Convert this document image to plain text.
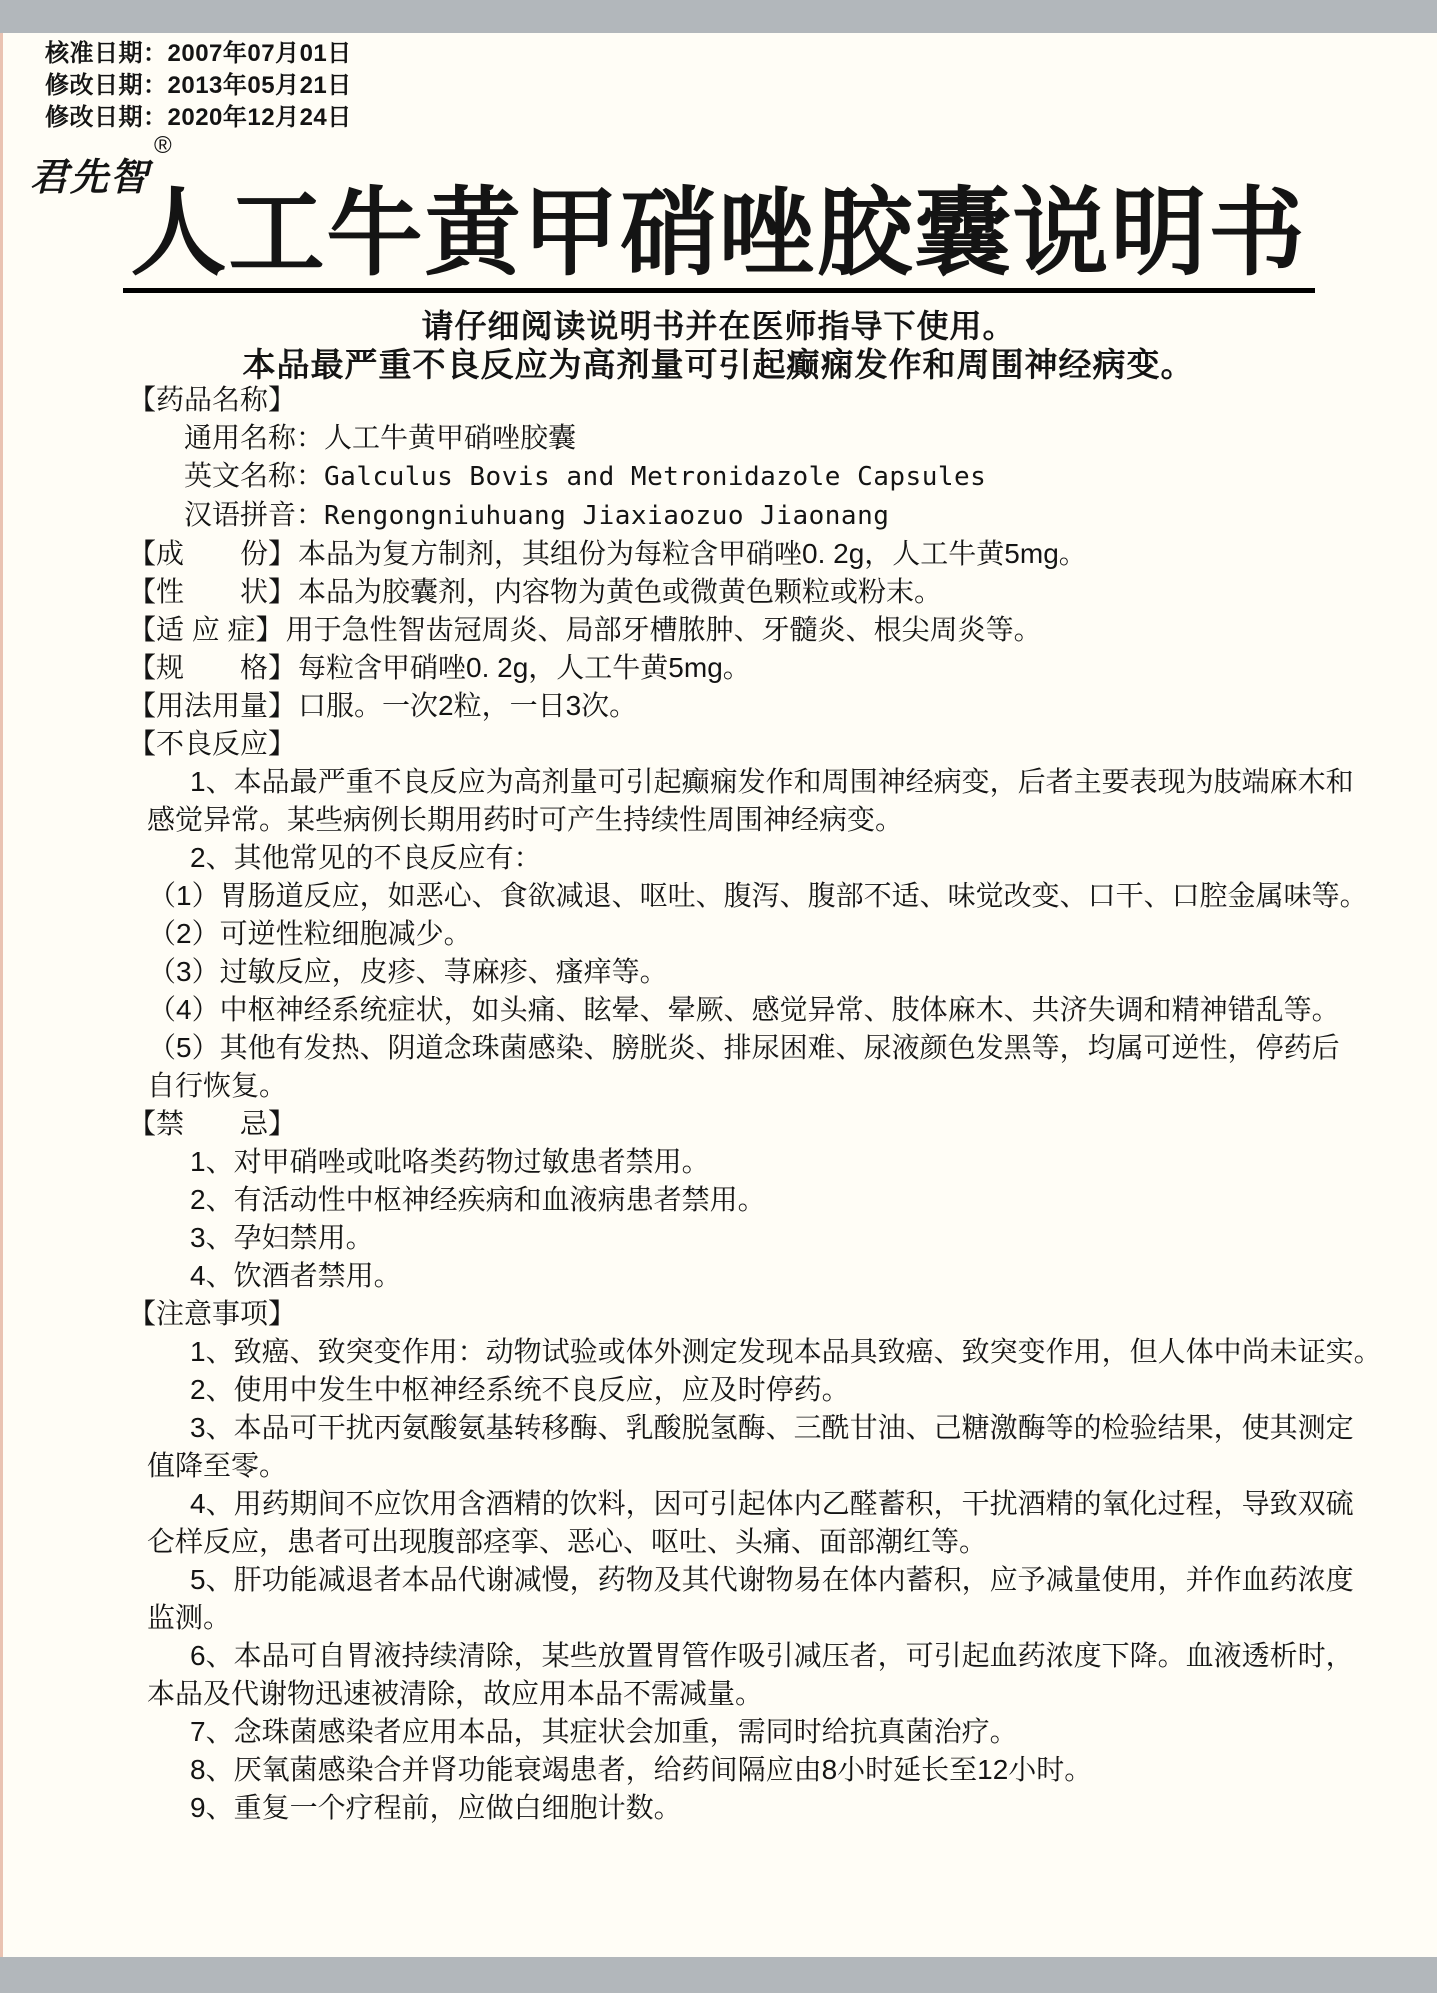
核准日期：2007年07月01日
修改日期：2013年05月21日
修改日期：2020年12月24日
君先智®
人工牛黄甲硝唑胶囊说明书
请仔细阅读说明书并在医师指导下使用。
本品最严重不良反应为高剂量可引起癫痫发作和周围神经病变。
【药品名称】
通用名称：人工牛黄甲硝唑胶囊
英文名称：Galculus Bovis and Metronidazole Capsules
汉语拼音：Rengongniuhuang Jiaxiaozuo Jiaonang
【成　　份】本品为复方制剂，其组份为每粒含甲硝唑0. 2g，人工牛黄5mg。
【性　　状】本品为胶囊剂，内容物为黄色或微黄色颗粒或粉末。
【适 应 症】用于急性智齿冠周炎、局部牙槽脓肿、牙髓炎、根尖周炎等。
【规　　格】每粒含甲硝唑0. 2g，人工牛黄5mg。
【用法用量】口服。一次2粒，一日3次。
【不良反应】
1、本品最严重不良反应为高剂量可引起癫痫发作和周围神经病变，后者主要表现为肢端麻木和
感觉异常。某些病例长期用药时可产生持续性周围神经病变。
2、其他常见的不良反应有：
（1）胃肠道反应，如恶心、食欲减退、呕吐、腹泻、腹部不适、味觉改变、口干、口腔金属味等。
（2）可逆性粒细胞减少。
（3）过敏反应，皮疹、荨麻疹、瘙痒等。
（4）中枢神经系统症状，如头痛、眩晕、晕厥、感觉异常、肢体麻木、共济失调和精神错乱等。
（5）其他有发热、阴道念珠菌感染、膀胱炎、排尿困难、尿液颜色发黑等，均属可逆性，停药后
自行恢复。
【禁　　忌】
1、对甲硝唑或吡咯类药物过敏患者禁用。
2、有活动性中枢神经疾病和血液病患者禁用。
3、孕妇禁用。
4、饮酒者禁用。
【注意事项】
1、致癌、致突变作用：动物试验或体外测定发现本品具致癌、致突变作用，但人体中尚未证实。
2、使用中发生中枢神经系统不良反应，应及时停药。
3、本品可干扰丙氨酸氨基转移酶、乳酸脱氢酶、三酰甘油、己糖激酶等的检验结果，使其测定
值降至零。
4、用药期间不应饮用含酒精的饮料，因可引起体内乙醛蓄积，干扰酒精的氧化过程，导致双硫
仑样反应，患者可出现腹部痉挛、恶心、呕吐、头痛、面部潮红等。
5、肝功能减退者本品代谢减慢，药物及其代谢物易在体内蓄积，应予减量使用，并作血药浓度
监测。
6、本品可自胃液持续清除，某些放置胃管作吸引减压者，可引起血药浓度下降。血液透析时，
本品及代谢物迅速被清除，故应用本品不需减量。
7、念珠菌感染者应用本品，其症状会加重，需同时给抗真菌治疗。
8、厌氧菌感染合并肾功能衰竭患者，给药间隔应由8小时延长至12小时。
9、重复一个疗程前，应做白细胞计数。
